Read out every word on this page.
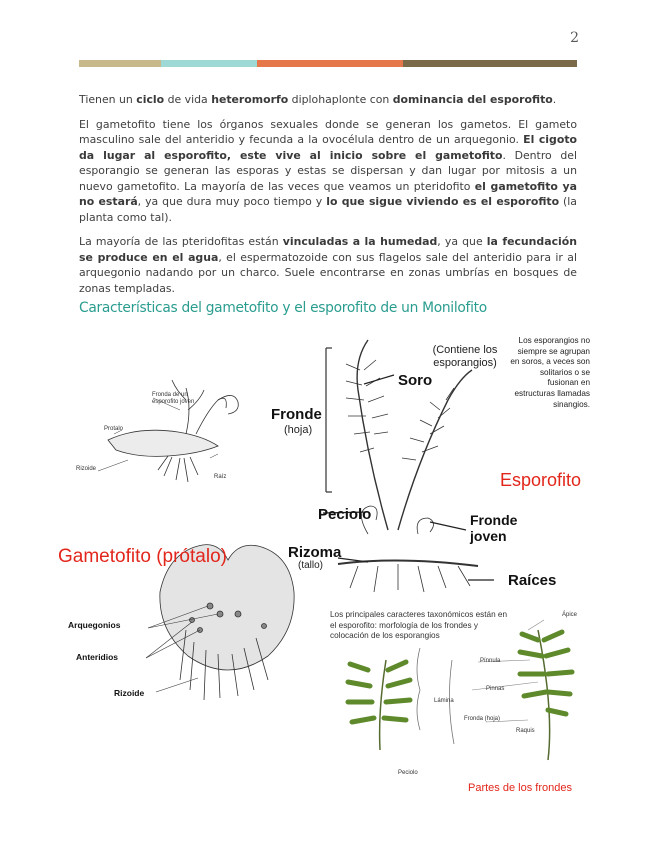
2

Tienen un ciclo de vida heteromorfo diplohaplonte con dominancia del esporofito.

El gametofito tiene los órganos sexuales donde se generan los gametos. El gameto masculino sale del anteridio y fecunda a la ovocélula dentro de un arquegonio. El cigoto da lugar al esporofito, este vive al inicio sobre el gametofito. Dentro del esporangio se generan las esporas y estas se dispersan y dan lugar por mitosis a un nuevo gametofito. La mayoría de las veces que veamos un pteridofito el gametofito ya no estará, ya que dura muy poco tiempo y lo que sigue viviendo es el esporofito (la planta como tal).

La mayoría de las pteridofitas están vinculadas a la humedad, ya que la fecundación se produce en el agua, el espermatozoide con sus flagelos sale del anteridio para ir al arquegonio nadando por un charco. Suele encontrarse en zonas umbrías en bosques de zonas templadas.

Características del gametofito y el esporofito de un Monilofito
Fronda de un esporofito joven
Protalo
Rizoide
Raíz
Gametofito (prótalo)
Arquegonios
Anteridios
Rizoide
Fronde
(hoja)
(Contiene los esporangios)
Soro
Peciolo	Fronde joven
Rizoma
(tallo)
Raíces
Esporofito
Los esporangios no siempre se agrupan en soros, a veces son solitarios o se fusionan en estructuras llamadas sinangios.
Los principales caracteres taxonómicos están en el esporofito: morfología de los frondes y colocación de los esporangios
Ápice
Pínnula
Pinnas
Raquis
Lámina
Fronda (hoja)
Peciolo
Partes de los frondes
